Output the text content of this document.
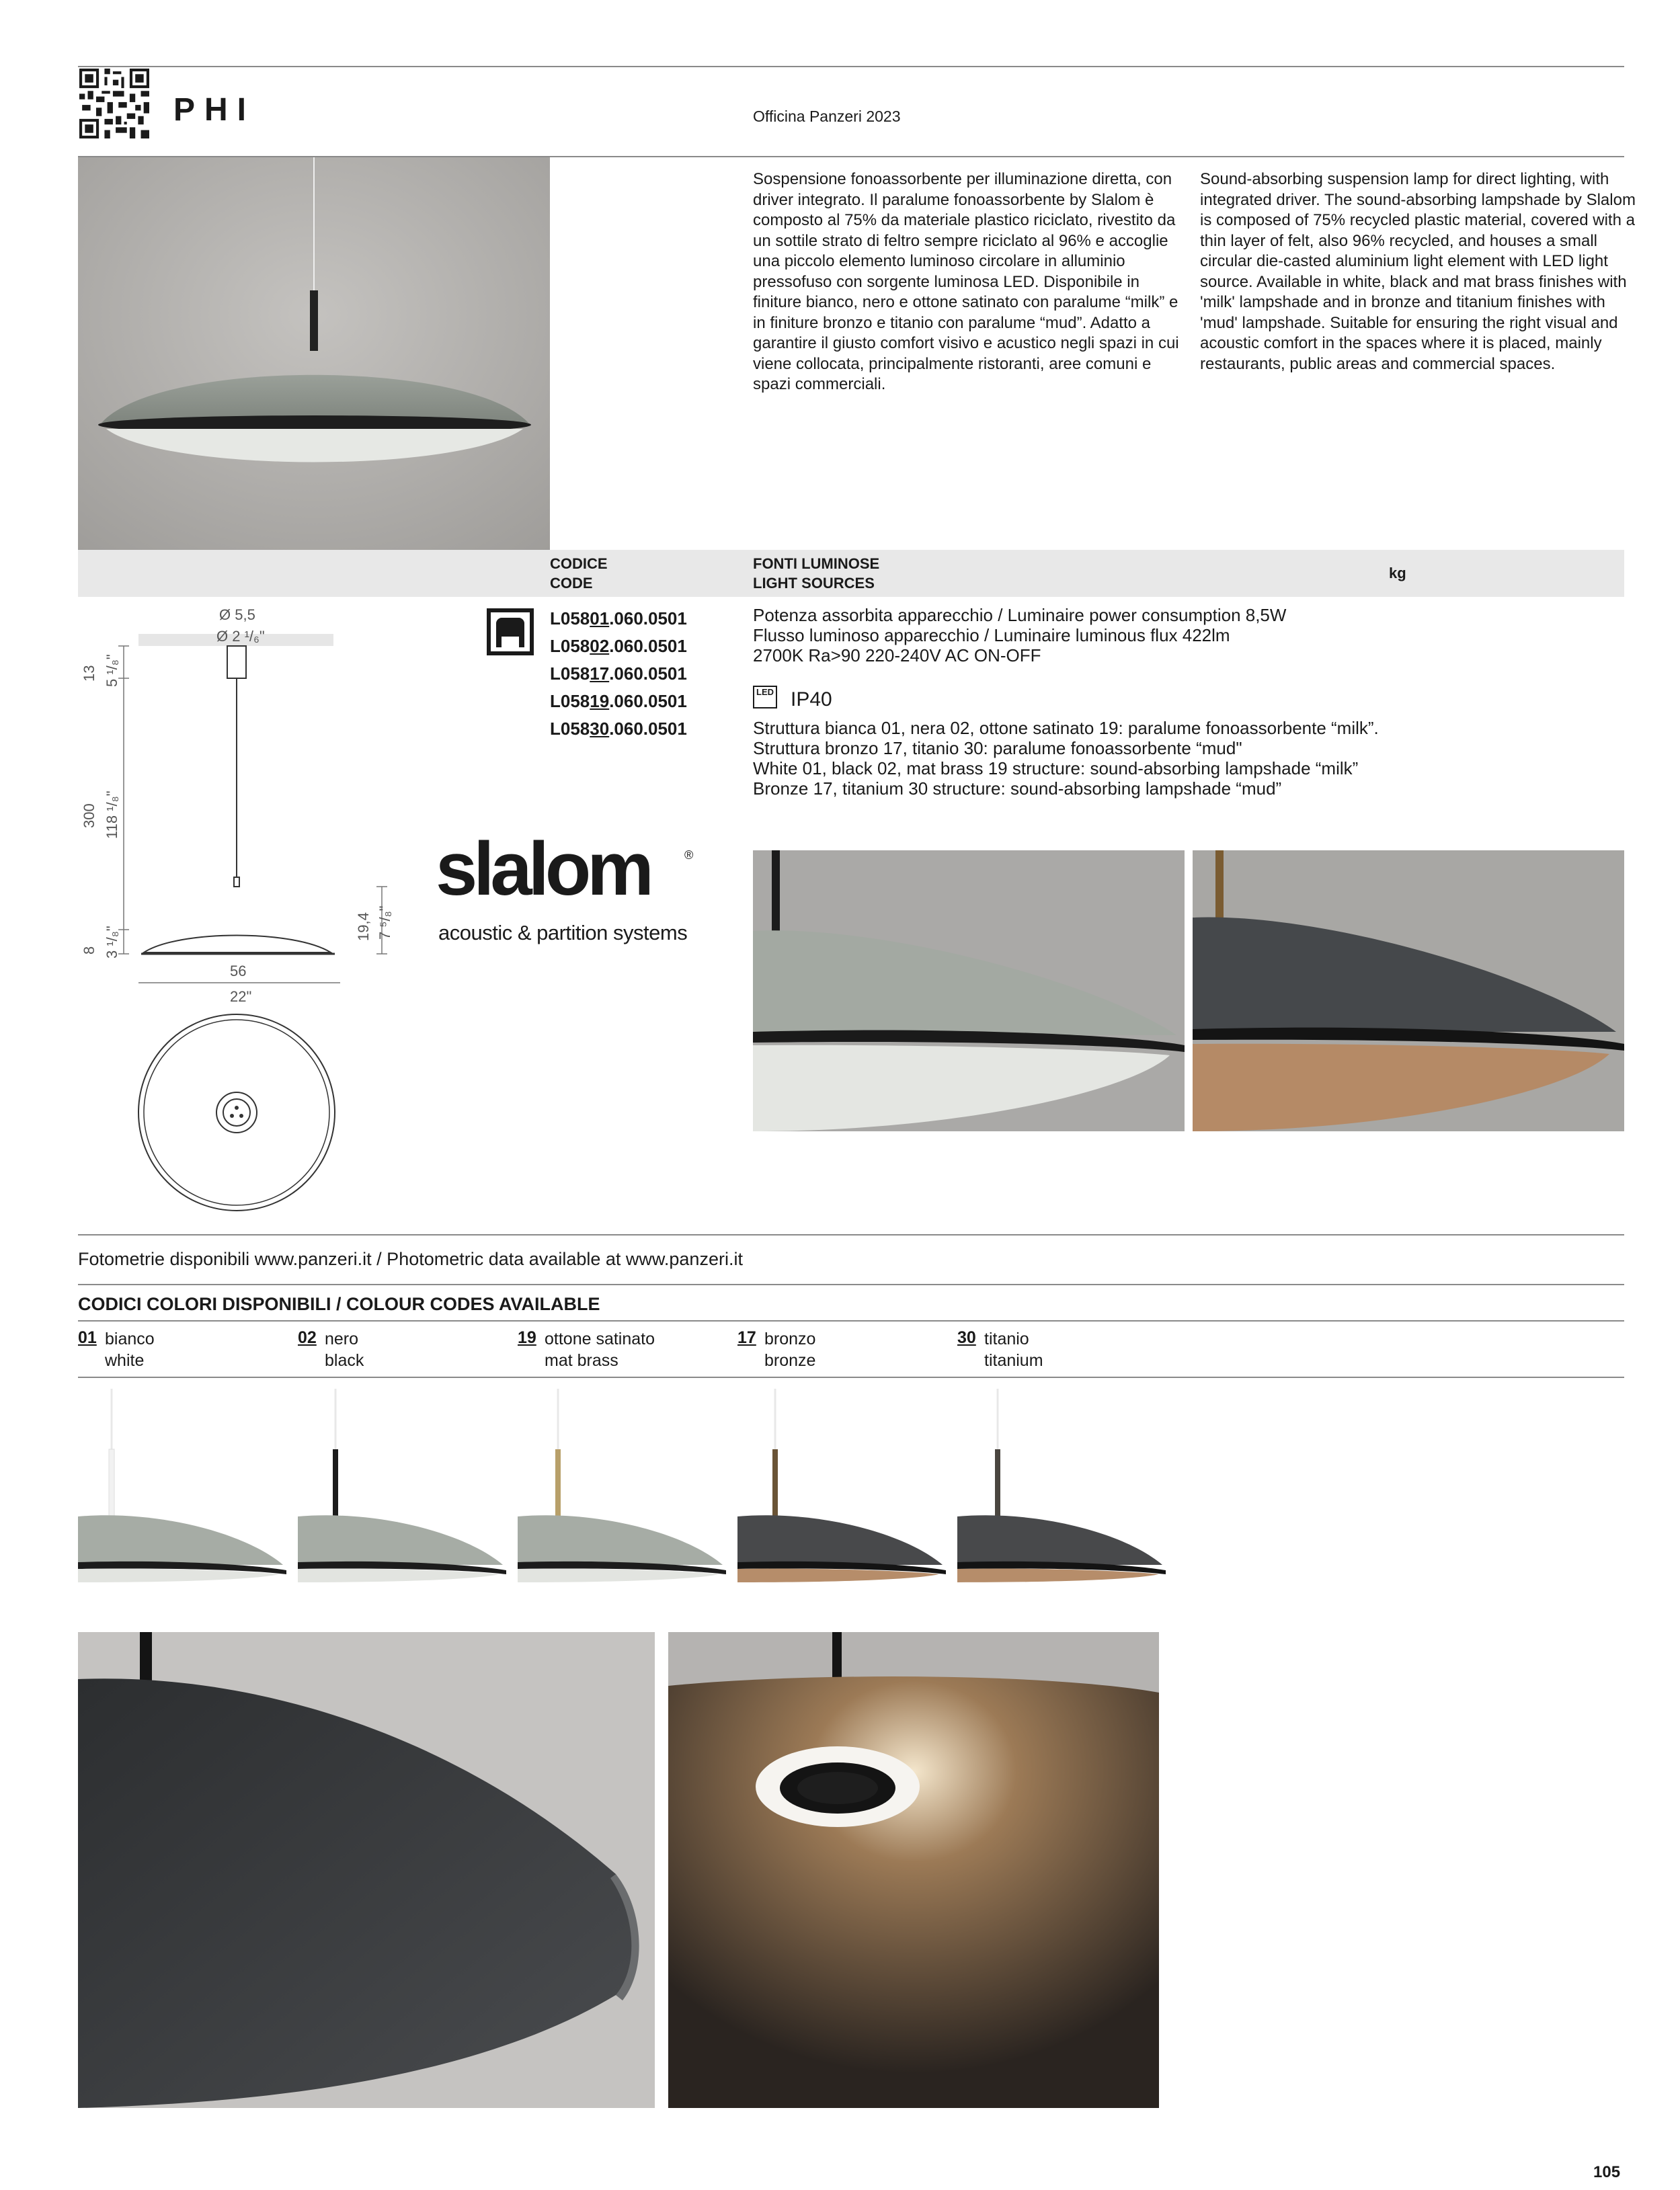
PHI	Officina Panzeri 2023
Sospensione fonoassorbente per illuminazione diretta, con driver integrato. Il paralume fonoassorbente by Slalom è composto al 75% da materiale plastico riciclato, rivestito da un sottile strato di feltro sempre riciclato al 96% e accoglie una piccolo elemento luminoso circolare in alluminio pressofuso con sorgente luminosa LED. Disponibile in finiture bianco, nero e ottone satinato con paralume “milk” e in finiture bronzo e titanio con paralume “mud”. Adatto a garantire il giusto comfort visivo e acustico negli spazi in cui viene collocata, principalmente ristoranti, aree comuni e spazi commerciali.
Sound-absorbing suspension lamp for direct lighting, with integrated driver. The sound-absorbing lampshade by Slalom is composed of 75% recycled plastic material, covered with a thin layer of felt, also 96% recycled, and houses a small circular die-casted aluminium light element with LED light source. Available in white, black and mat brass finishes with 'milk' lampshade and in bronze and titanium finishes with 'mud' lampshade. Suitable for ensuring the right visual and acoustic comfort in the spaces where it is placed, mainly restaurants, public areas and commercial spaces.
CODICE
CODE
FONTI LUMINOSE
LIGHT SOURCES
kg
Ø 5,5
Ø 2 ¹/₆"
13 5 ¹/₈"
300 118 ¹/₈"
8 3 ¹/₈"	19,4 7 ⁵/₈"
56
22"
L05801.060.0501
L05802.060.0501
L05817.060.0501
L05819.060.0501
L05830.060.0501
Potenza assorbita apparecchio / Luminaire power consumption 8,5W
Flusso luminoso apparecchio / Luminaire luminous flux 422lm
2700K Ra>90 220-240V AC ON-OFF
LED IP40
Struttura bianca 01, nera 02, ottone satinato 19: paralume fonoassorbente “milk”.
Struttura bronzo 17, titanio 30: paralume fonoassorbente “mud"
White 01, black 02, mat brass 19 structure: sound-absorbing lampshade “milk”
Bronze 17, titanium 30 structure: sound-absorbing lampshade “mud”
slalom	®
acoustic & partition systems
Fotometrie disponibili www.panzeri.it / Photometric data available at www.panzeri.it
CODICI COLORI DISPONIBILI / COLOUR CODES AVAILABLE
01 bianco
white
02 nero
black
19 ottone satinato
mat brass
17 bronzo
bronze
30 titanio
titanium
105
